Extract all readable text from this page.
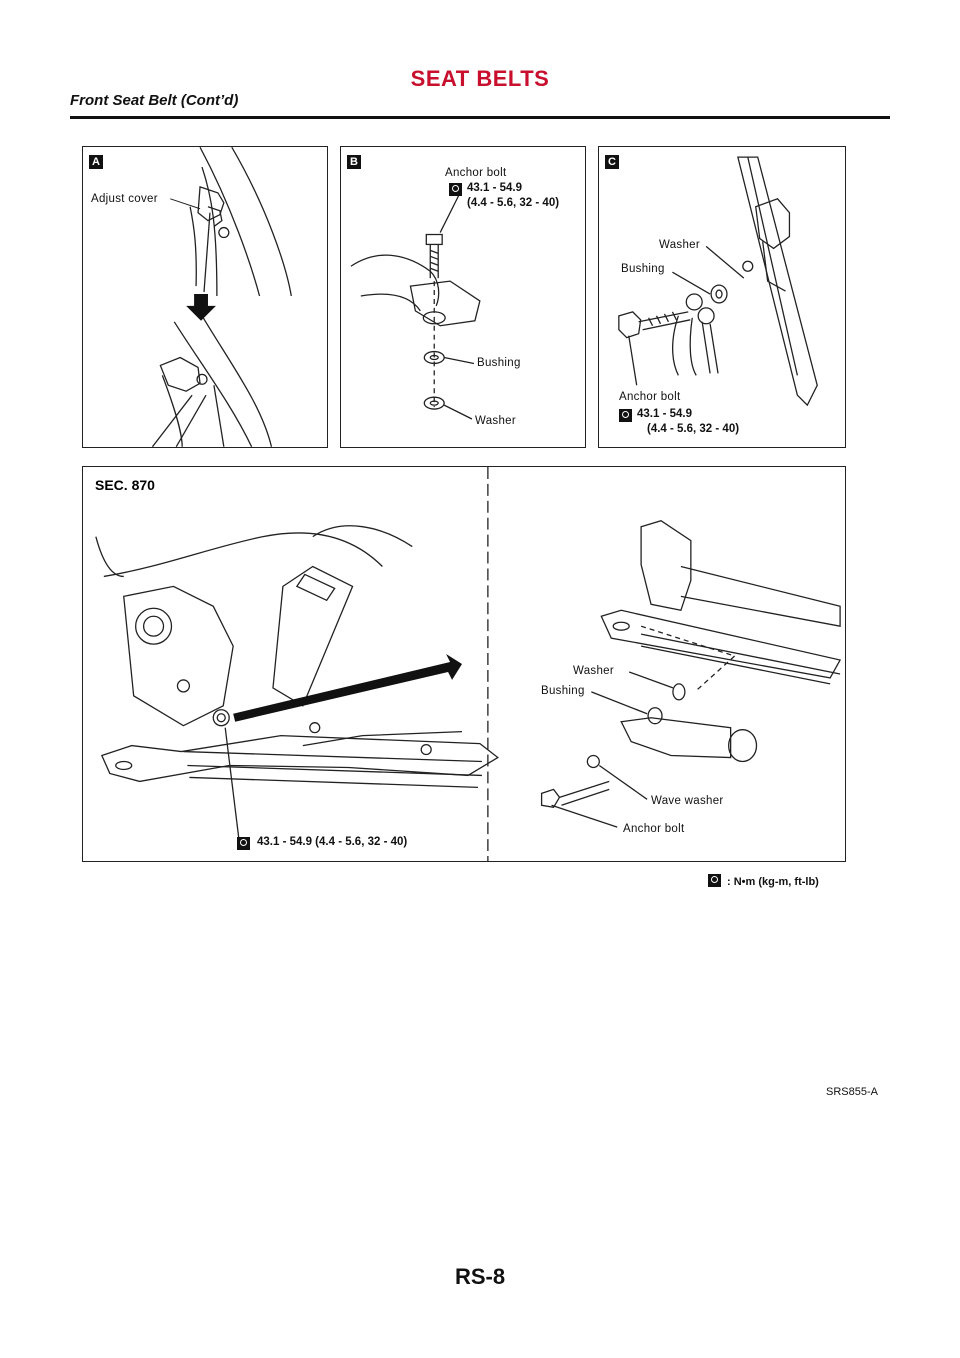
SEAT BELTS
Front Seat Belt (Cont’d)
A
Adjust cover
B
Anchor bolt
43.1 - 54.9
(4.4 - 5.6, 32 - 40)
Bushing
Washer
C
Washer
Bushing
Anchor bolt
43.1 - 54.9
(4.4 - 5.6, 32 - 40)
SEC. 870
43.1 - 54.9 (4.4 - 5.6, 32 - 40)
Washer
Bushing
Wave washer
Anchor bolt
: N•m (kg-m, ft-lb)
SRS855-A
RS-8
